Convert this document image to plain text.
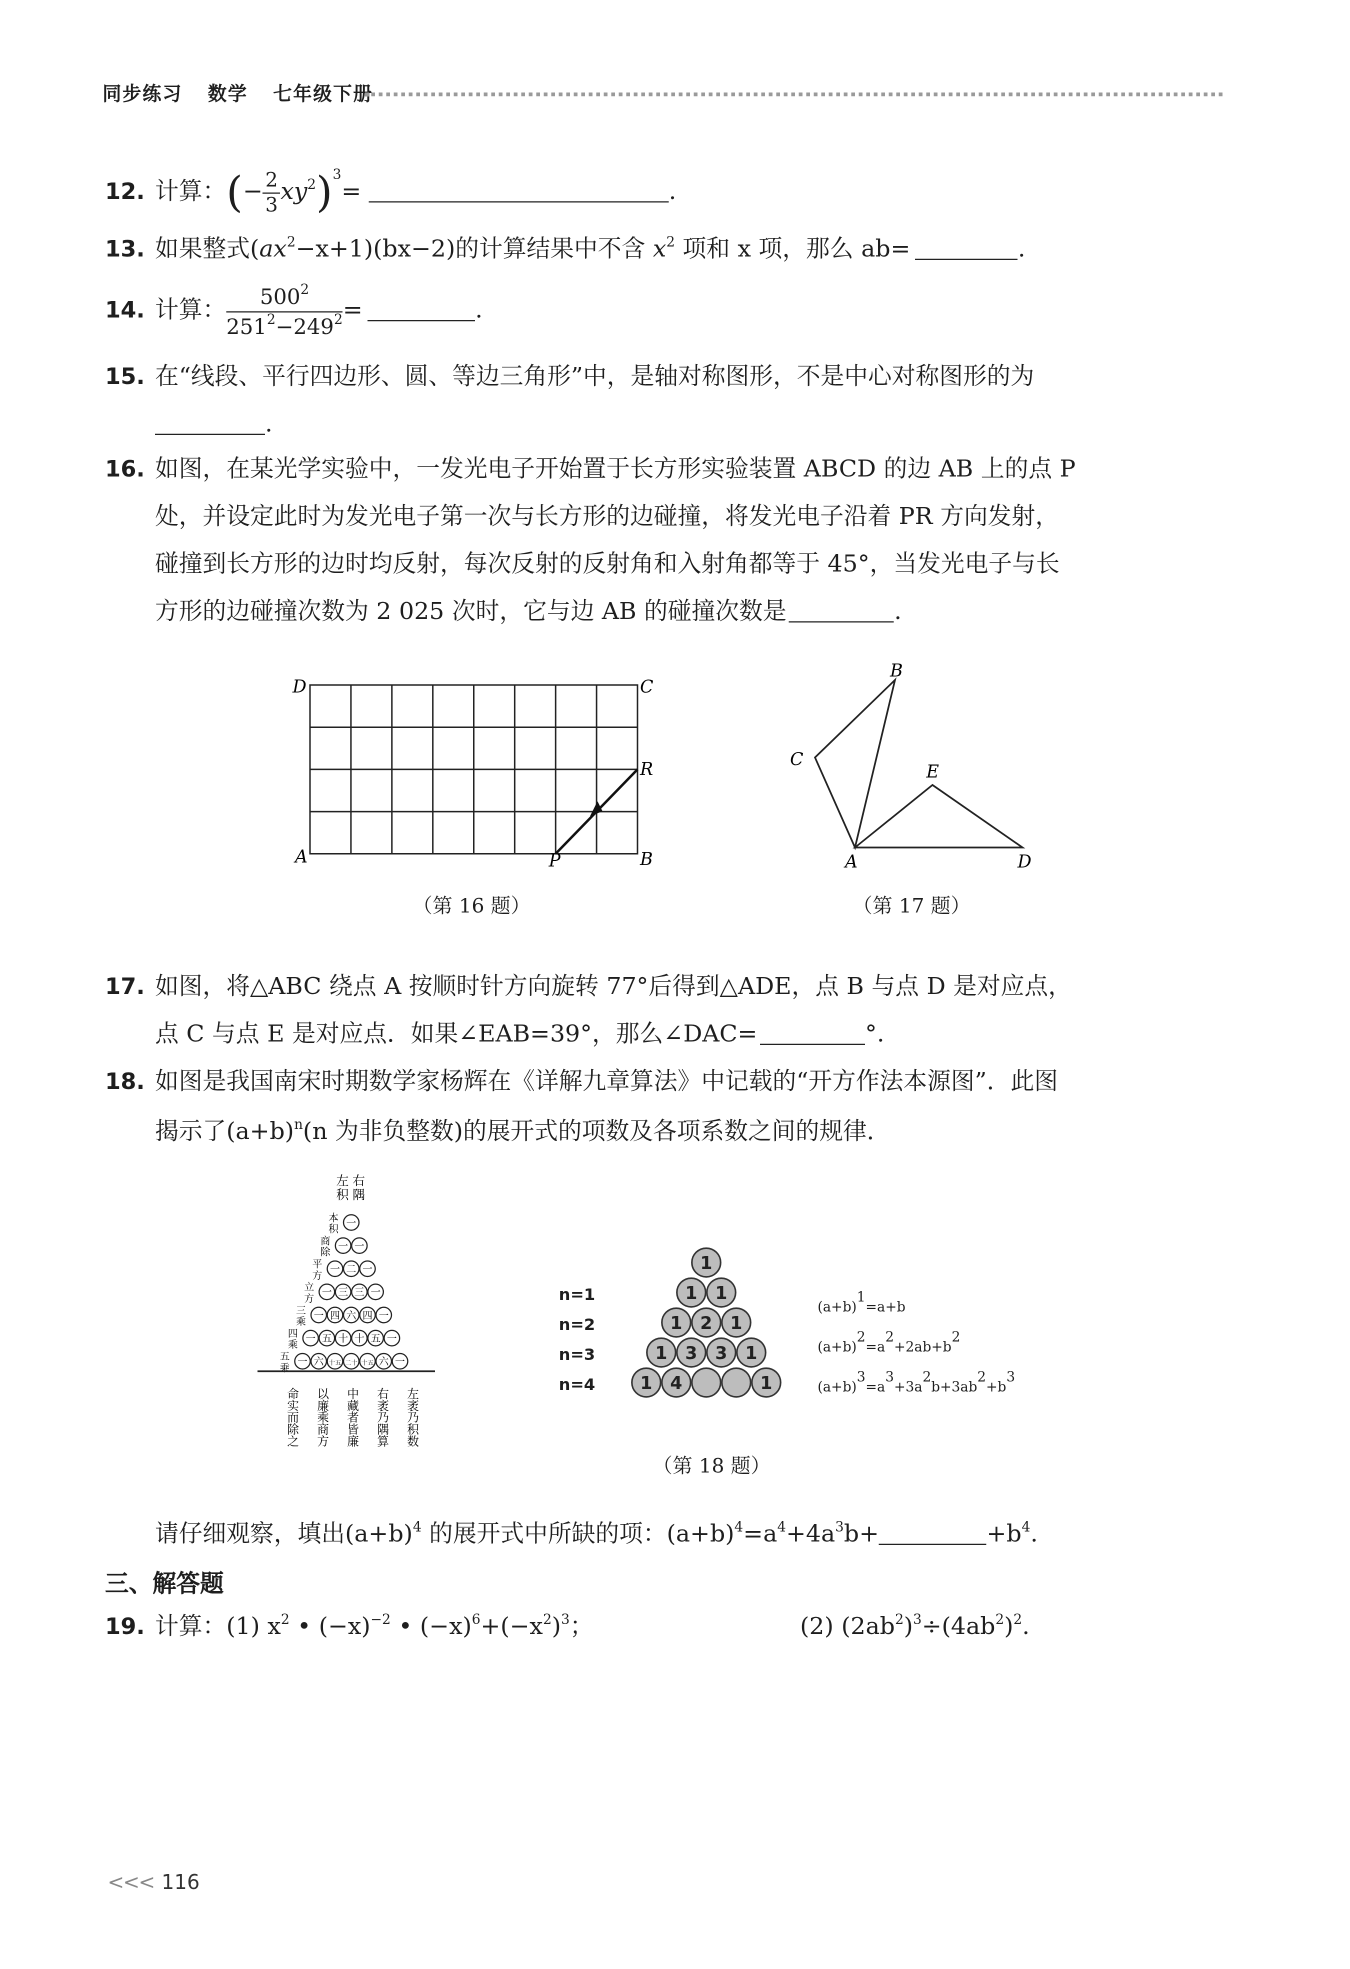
同步练习 数学 七年级下册
12. 计算：(− $\frac{2}{3} xy^2)^3=$	.
13. 如果整式$(ax^2-x+1)(bx-2)$的计算结果中不含 $x^2$ 项和 x 项，那么 ab=	.
14. 计算： $\frac{500^2}{251^2-249^2}$ =	.
15. 在“线段、平行四边形、圆、等边三角形”中，是轴对称图形，不是中心对称图形的为
.
16. 如图，在某光学实验中，一发光电子开始置于长方形实验装置 ABCD 的边 AB 上的点 P
处，并设定此时为发光电子第一次与长方形的边碰撞，将发光电子沿着 PR 方向发射，
碰撞到长方形的边时均反射，每次反射的反射角和入射角都等于 45°，当发光电子与长
方形的边碰撞次数为 2 025 次时，它与边 AB 的碰撞次数是	.
D	C
R
A	P	B
（第 16 题）
B
C
E
A	D
（第 17 题）
17. 如图，将△ABC 绕点 A 按顺时针方向旋转 77°后得到△ADE，点 B 与点 D 是对应点，
点 C 与点 E 是对应点．如果∠EAB=39°，那么∠DAC=	°.
18. 如图是我国南宋时期数学家杨辉在《详解九章算法》中记载的“开方作法本源图”．此图
揭示了$(a+b)^n(n$ 为非负整数)的展开式的项数及各项系数之间的规律．
左
积
右
隅
一
本
积
一 一
商
除
一 二 一
平
方
一 三 三 一
立
方
一 四 六 四 一
三
乘
一 五 十 十 五 一
四
乘
一 六 十五 二十 十五 六 一
五
乘
命实而除之 以廉乘商方 中藏者皆廉 右袤乃隅算 左袤乃积数
n=1
n=2
n=3
n=4
1
1 1
1 2 1
1 3 3 1
1 4	1
$(a+b)^1=a+b$
$(a+b)^2=a^2+2ab+b^2$
$(a+b)^3=a^3+3a^2b+3ab^2+b^3$
（第 18 题）
请仔细观察，填出$(a+b)^4$ 的展开式中所缺的项：$(a+b)^4=a^4+4a^3b+$	$+b^4$.
三、解答题
19. 计算：(1) $x^2$ • $(-x)^{-2}$ • $(-x)^6+(-x^2)^3$；	(2) $(2ab^2)^3\div(4ab^2)^2$.
<<< 116
